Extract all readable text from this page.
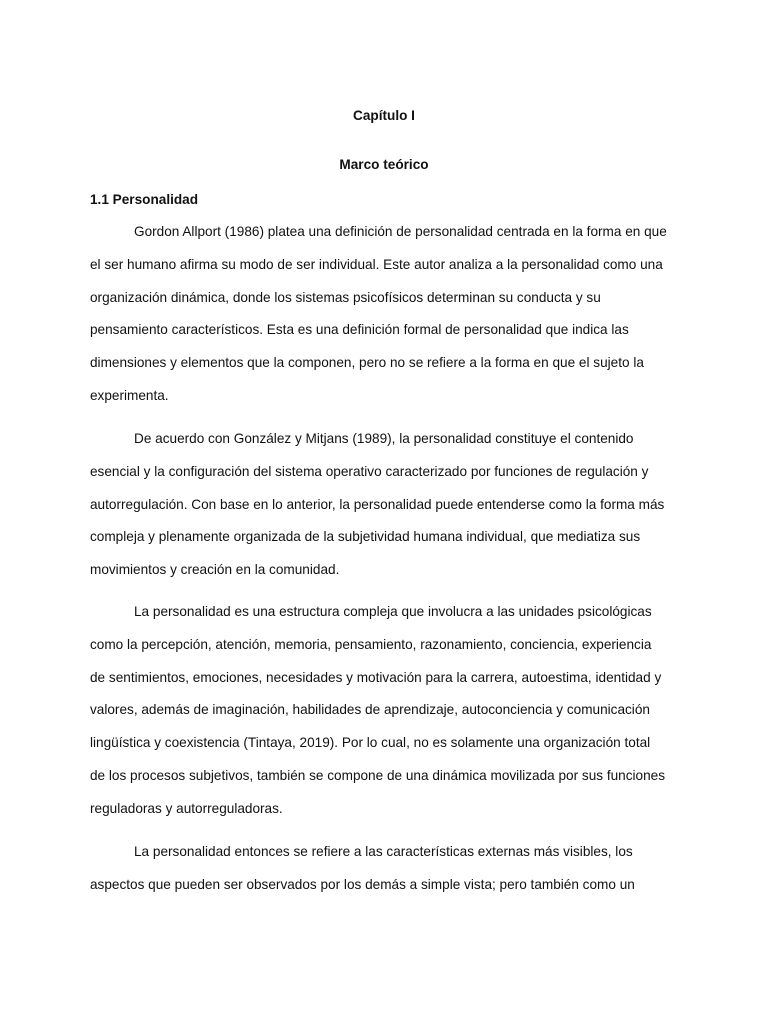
Capítulo I
Marco teórico
1.1 Personalidad

Gordon Allport (1986) platea una definición de personalidad centrada en la forma en que
el ser humano afirma su modo de ser individual. Este autor analiza a la personalidad como una
organización dinámica, donde los sistemas psicofísicos determinan su conducta y su
pensamiento característicos. Esta es una definición formal de personalidad que indica las
dimensiones y elementos que la componen, pero no se refiere a la forma en que el sujeto la
experimenta.

De acuerdo con González y Mitjans (1989), la personalidad constituye el contenido
esencial y la configuración del sistema operativo caracterizado por funciones de regulación y
autorregulación. Con base en lo anterior, la personalidad puede entenderse como la forma más
compleja y plenamente organizada de la subjetividad humana individual, que mediatiza sus
movimientos y creación en la comunidad.

La personalidad es una estructura compleja que involucra a las unidades psicológicas
como la percepción, atención, memoria, pensamiento, razonamiento, conciencia, experiencia
de sentimientos, emociones, necesidades y motivación para la carrera, autoestima, identidad y
valores, además de imaginación, habilidades de aprendizaje, autoconciencia y comunicación
lingüística y coexistencia (Tintaya, 2019). Por lo cual, no es solamente una organización total
de los procesos subjetivos, también se compone de una dinámica movilizada por sus funciones
reguladoras y autorreguladoras.

La personalidad entonces se refiere a las características externas más visibles, los
aspectos que pueden ser observados por los demás a simple vista; pero también como un
